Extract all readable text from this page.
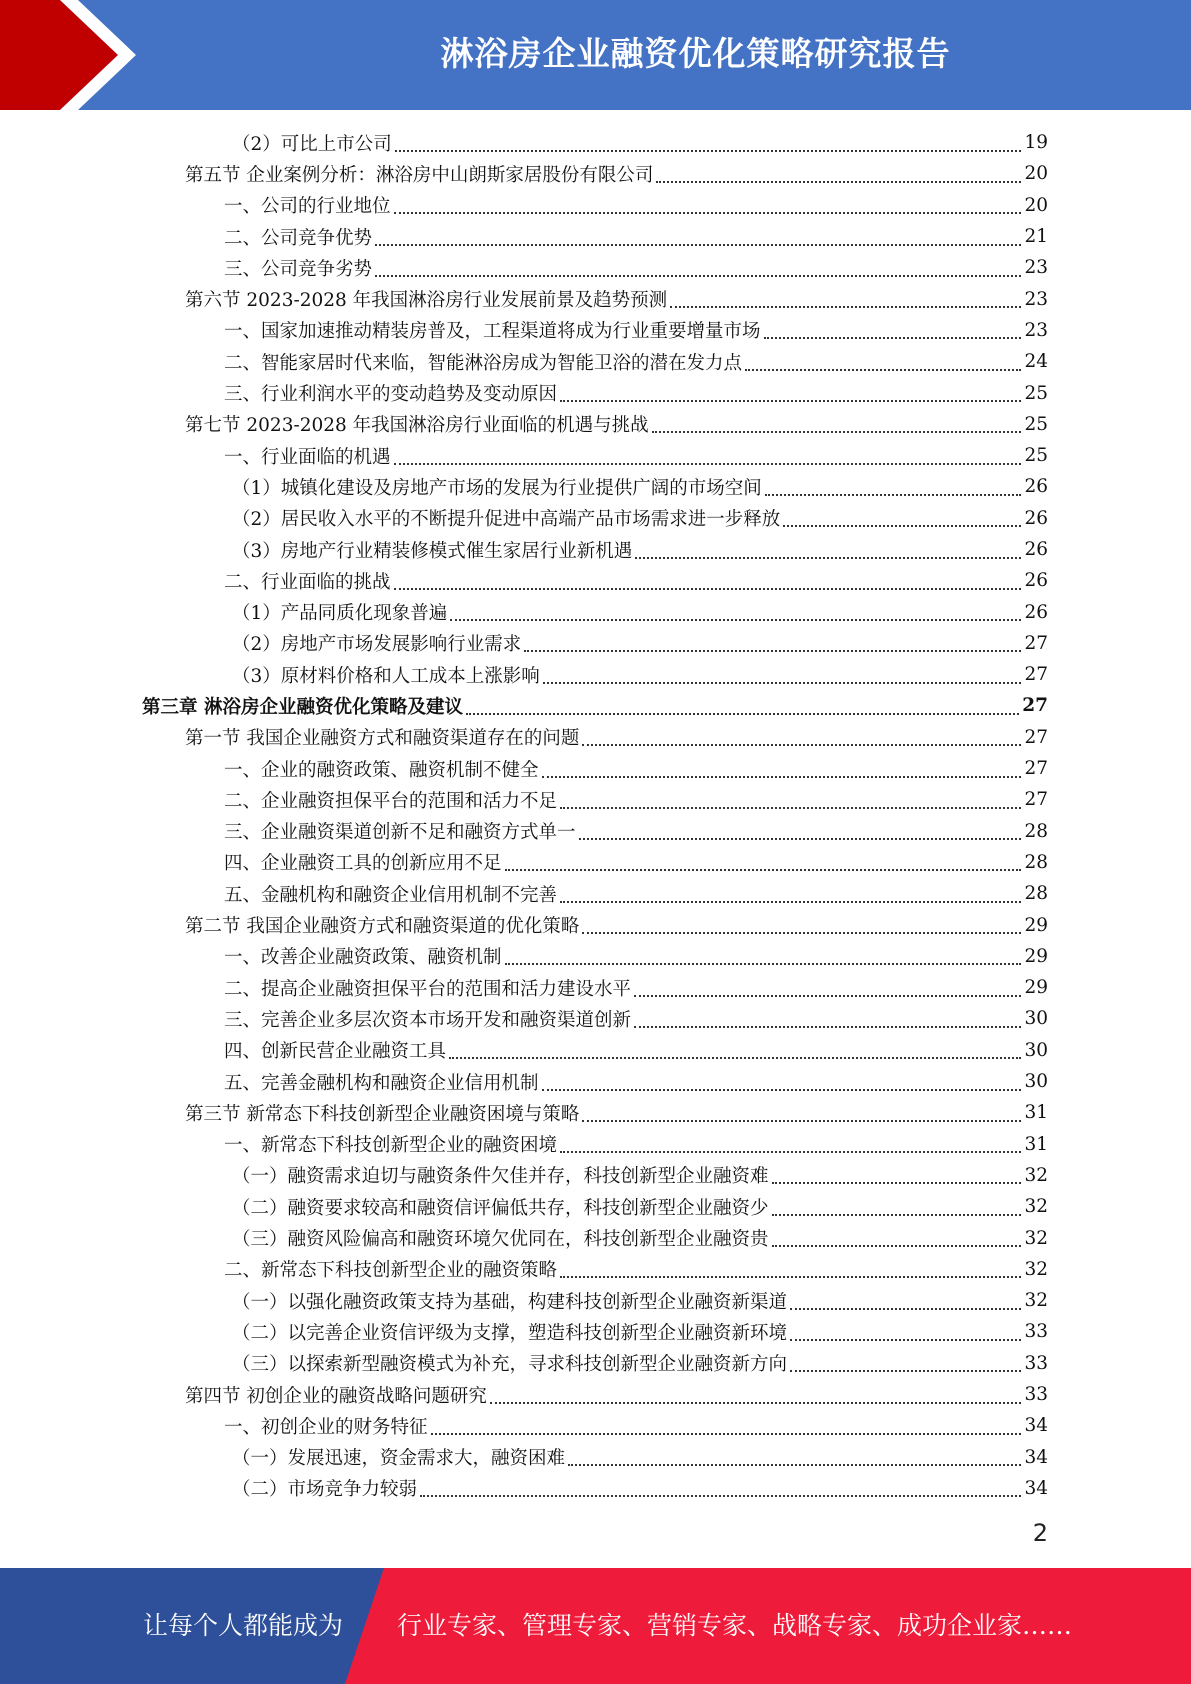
淋浴房企业融资优化策略研究报告
（2）可比上市公司	19
第五节 企业案例分析：淋浴房中山朗斯家居股份有限公司	20
一、公司的行业地位	20
二、公司竞争优势	21
三、公司竞争劣势	23
第六节 2023-2028 年我国淋浴房行业发展前景及趋势预测	23
一、国家加速推动精装房普及，工程渠道将成为行业重要增量市场	23
二、智能家居时代来临，智能淋浴房成为智能卫浴的潜在发力点	24
三、行业利润水平的变动趋势及变动原因	25
第七节 2023-2028 年我国淋浴房行业面临的机遇与挑战	25
一、行业面临的机遇	25
（1）城镇化建设及房地产市场的发展为行业提供广阔的市场空间	26
（2）居民收入水平的不断提升促进中高端产品市场需求进一步释放	26
（3）房地产行业精装修模式催生家居行业新机遇	26
二、行业面临的挑战	26
（1）产品同质化现象普遍	26
（2）房地产市场发展影响行业需求	27
（3）原材料价格和人工成本上涨影响	27
第三章 淋浴房企业融资优化策略及建议	27
第一节 我国企业融资方式和融资渠道存在的问题	27
一、企业的融资政策、融资机制不健全	27
二、企业融资担保平台的范围和活力不足	27
三、企业融资渠道创新不足和融资方式单一	28
四、企业融资工具的创新应用不足	28
五、金融机构和融资企业信用机制不完善	28
第二节 我国企业融资方式和融资渠道的优化策略	29
一、改善企业融资政策、融资机制	29
二、提高企业融资担保平台的范围和活力建设水平	29
三、完善企业多层次资本市场开发和融资渠道创新	30
四、创新民营企业融资工具	30
五、完善金融机构和融资企业信用机制	30
第三节 新常态下科技创新型企业融资困境与策略	31
一、新常态下科技创新型企业的融资困境	31
（一）融资需求迫切与融资条件欠佳并存，科技创新型企业融资难	32
（二）融资要求较高和融资信评偏低共存，科技创新型企业融资少	32
（三）融资风险偏高和融资环境欠优同在，科技创新型企业融资贵	32
二、新常态下科技创新型企业的融资策略	32
（一）以强化融资政策支持为基础，构建科技创新型企业融资新渠道	32
（二）以完善企业资信评级为支撑，塑造科技创新型企业融资新环境	33
（三）以探索新型融资模式为补充，寻求科技创新型企业融资新方向	33
第四节 初创企业的融资战略问题研究	33
一、初创企业的财务特征	34
（一）发展迅速，资金需求大，融资困难	34
（二）市场竞争力较弱	34
2
让每个人都能成为 行业专家、管理专家、营销专家、战略专家、成功企业家……
